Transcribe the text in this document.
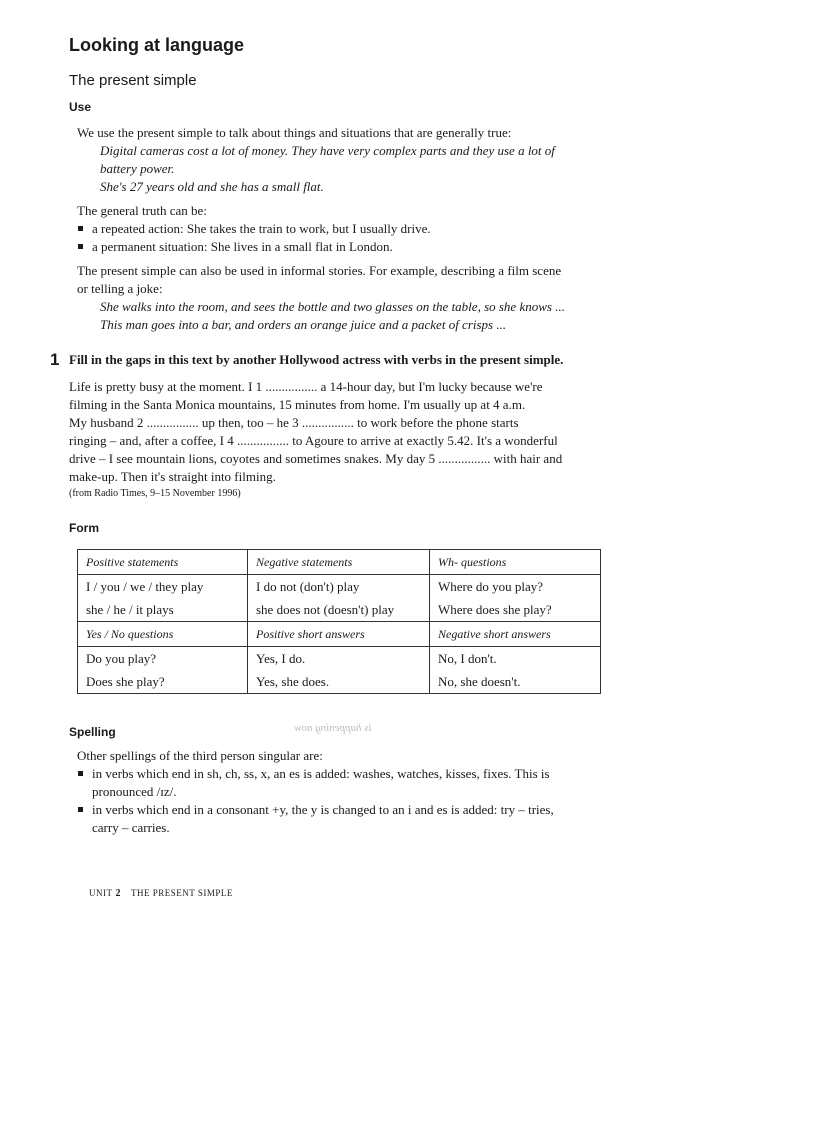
Looking at language
The present simple
Use

We use the present simple to talk about things and situations that are generally true:

Digital cameras cost a lot of money. They have very complex parts and they use a lot of

battery power.

She's 27 years old and she has a small flat.

The general truth can be:

a repeated action: She takes the train to work, but I usually drive.

a permanent situation: She lives in a small flat in London.

The present simple can also be used in informal stories. For example, describing a film scene

or telling a joke:

She walks into the room, and sees the bottle and two glasses on the table, so she knows ...

This man goes into a bar, and orders an orange juice and a packet of crisps ...

1 Fill in the gaps in this text by another Hollywood actress with verbs in the present simple.

Life is pretty busy at the moment. I 1 ................ a 14-hour day, but I'm lucky because we're

filming in the Santa Monica mountains, 15 minutes from home. I'm usually up at 4 a.m.

My husband 2 ................ up then, too – he 3 ................ to work before the phone starts

ringing – and, after a coffee, I 4 ................ to Agoure to arrive at exactly 5.42. It's a wonderful

drive – I see mountain lions, coyotes and sometimes snakes. My day 5 ................ with hair and

make-up. Then it's straight into filming.

(from Radio Times, 9–15 November 1996)
Form
Positive statements	Negative statements	Wh- questions
I / you / we / they play	I do not (don't) play	Where do you play?
she / he / it plays	she does not (doesn't) play	Where does she play?
Yes / No questions	Positive short answers	Negative short answers
Do you play?	Yes, I do.	No, I don't.
Does she play?	Yes, she does.	No, she doesn't.
is happening now
Spelling

Other spellings of the third person singular are:

in verbs which end in sh, ch, ss, x, an es is added: washes, watches, kisses, fixes. This is

pronounced /ɪz/.

in verbs which end in a consonant +y, the y is changed to an i and es is added: try – tries,

carry – carries.

UNIT 2 THE PRESENT SIMPLE
